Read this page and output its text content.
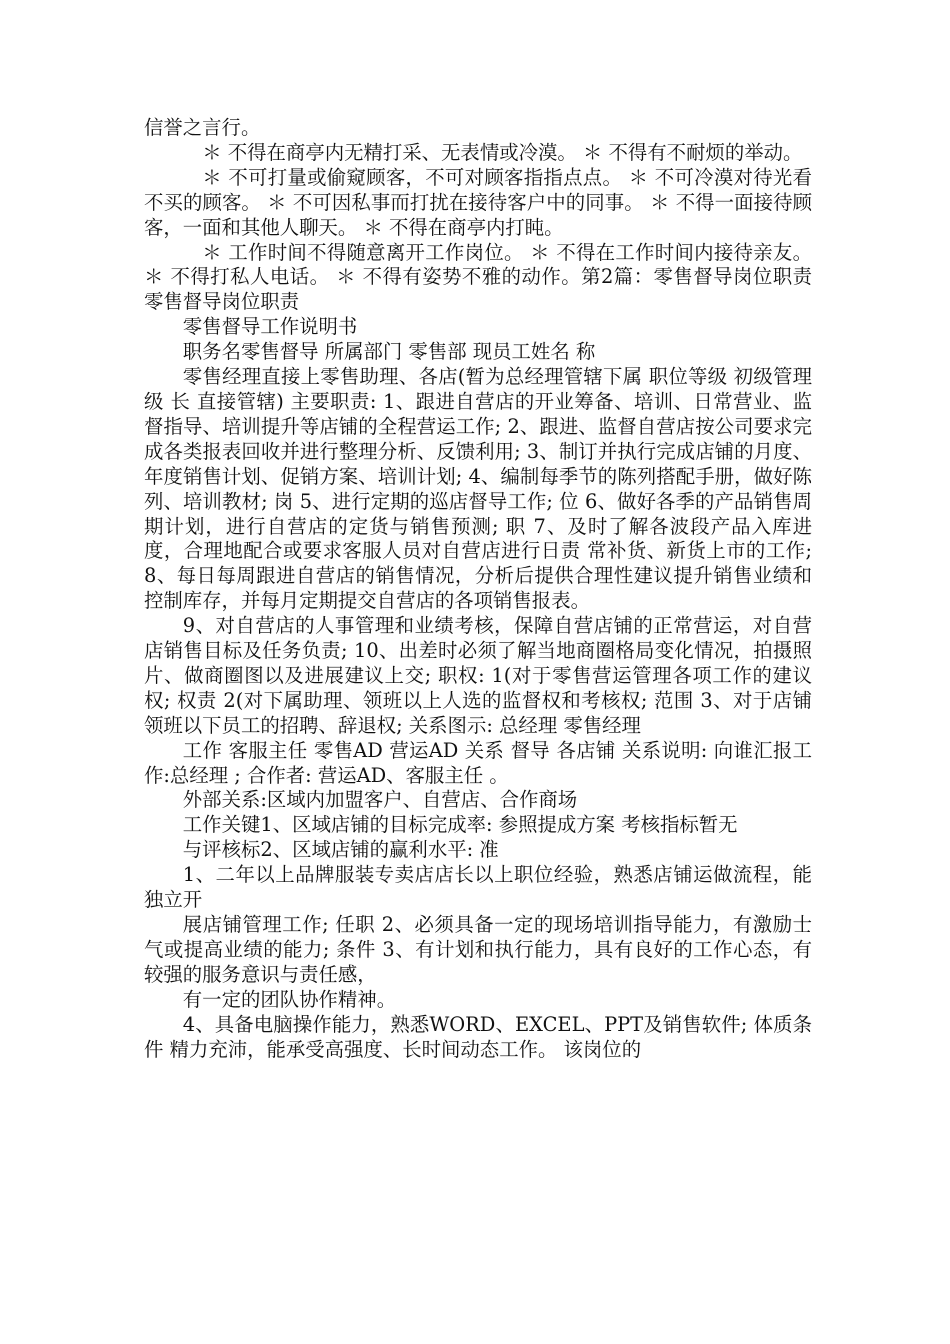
信誉之言行。

＊ 不得在商亭内无精打采、无表情或冷漠。 ＊ 不得有不耐烦的举动。

＊ 不可打量或偷窥顾客，不可对顾客指指点点。 ＊ 不可冷漠对待光看不买的顾客。 ＊ 不可因私事而打扰在接待客户中的同事。 ＊ 不得一面接待顾客，一面和其他人聊天。 ＊ 不得在商亭内打盹。

＊ 工作时间不得随意离开工作岗位。 ＊ 不得在工作时间内接待亲友。 ＊ 不得打私人电话。 ＊ 不得有姿势不雅的动作。第2篇：零售督导岗位职责零售督导岗位职责

零售督导工作说明书

职务名零售督导 所属部门 零售部 现员工姓名 称

零售经理直接上零售助理、各店(暂为总经理管辖下属 职位等级 初级管理 级 长 直接管辖) 主要职责: 1、跟进自营店的开业筹备、培训、日常营业、监督指导、培训提升等店铺的全程营运工作; 2、跟进、监督自营店按公司要求完成各类报表回收并进行整理分析、反馈利用; 3、制订并执行完成店铺的月度、年度销售计划、促销方案、培训计划; 4、编制每季节的陈列搭配手册，做好陈列、培训教材; 岗 5、进行定期的巡店督导工作; 位 6、做好各季的产品销售周期计划，进行自营店的定货与销售预测; 职 7、及时了解各波段产品入库进度，合理地配合或要求客服人员对自营店进行日责 常补货、新货上市的工作; 8、每日每周跟进自营店的销售情况，分析后提供合理性建议提升销售业绩和控制库存，并每月定期提交自营店的各项销售报表。

9、对自营店的人事管理和业绩考核，保障自营店铺的正常营运，对自营店销售目标及任务负责; 10、出差时必须了解当地商圈格局变化情况，拍摄照片、做商圈图以及进展建议上交; 职权: 1(对于零售营运管理各项工作的建议权; 权责 2(对下属助理、领班以上人选的监督权和考核权; 范围 3、对于店铺领班以下员工的招聘、辞退权; 关系图示: 总经理 零售经理

工作 客服主任 零售AD 营运AD 关系 督导 各店铺 关系说明: 向谁汇报工作:总经理 ; 合作者: 营运AD、客服主任 。

外部关系:区域内加盟客户、自营店、合作商场

工作关键1、区域店铺的目标完成率: 参照提成方案 考核指标暂无

与评核标2、区域店铺的赢利水平: 准

1、二年以上品牌服装专卖店店长以上职位经验，熟悉店铺运做流程，能独立开

展店铺管理工作; 任职 2、必须具备一定的现场培训指导能力，有激励士气或提高业绩的能力; 条件 3、有计划和执行能力，具有良好的工作心态，有较强的服务意识与责任感，

有一定的团队协作精神。

4、具备电脑操作能力，熟悉WORD、EXCEL、PPT及销售软件; 体质条件 精力充沛，能承受高强度、长时间动态工作。 该岗位的
